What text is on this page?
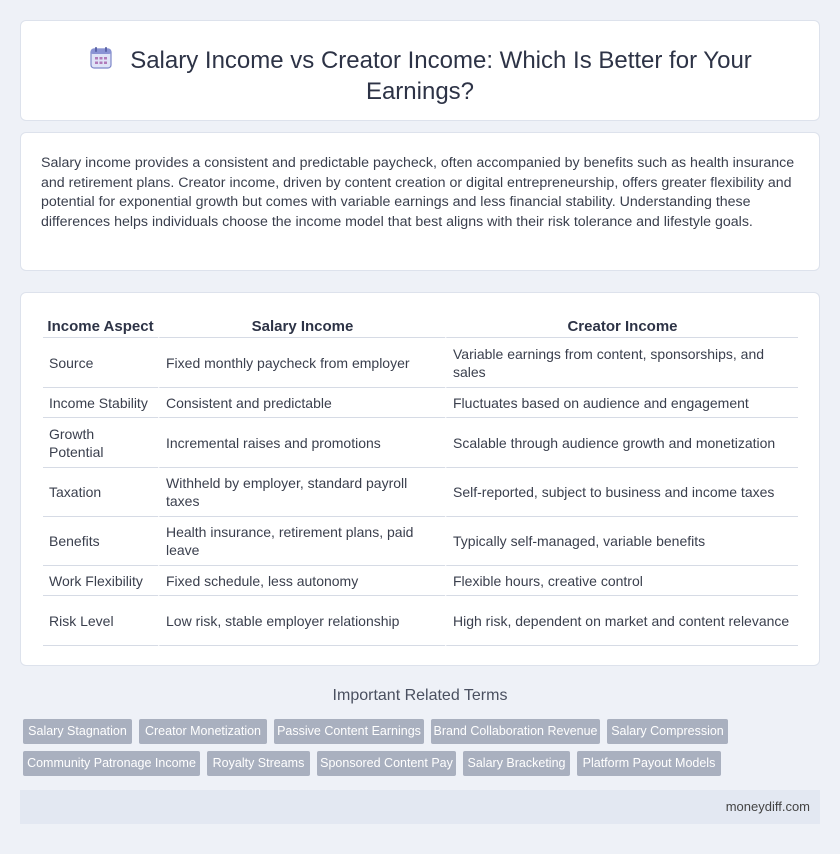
Salary Income vs Creator Income: Which Is Better for Your Earnings?

Salary income provides a consistent and predictable paycheck, often accompanied by benefits such as health insurance and retirement plans. Creator income, driven by content creation or digital entrepreneurship, offers greater flexibility and potential for exponential growth but comes with variable earnings and less financial stability. Understanding these differences helps individuals choose the income model that best aligns with their risk tolerance and lifestyle goals.

Income Aspect	Salary Income	Creator Income
Source	Fixed monthly paycheck from employer	Variable earnings from content, sponsorships, and sales
Income Stability	Consistent and predictable	Fluctuates based on audience and engagement
Growth Potential	Incremental raises and promotions	Scalable through audience growth and monetization
Taxation	Withheld by employer, standard payroll taxes	Self-reported, subject to business and income taxes
Benefits	Health insurance, retirement plans, paid leave	Typically self-managed, variable benefits
Work Flexibility	Fixed schedule, less autonomy	Flexible hours, creative control
Risk Level	Low risk, stable employer relationship	High risk, dependent on market and content relevance
Important Related Terms
Salary Stagnation	Creator Monetization	Passive Content Earnings Brand Collaboration Revenue	Salary Compression
Community Patronage Income	Royalty Streams	Sponsored Content Pay	Salary Bracketing	Platform Payout Models
moneydiff.com
